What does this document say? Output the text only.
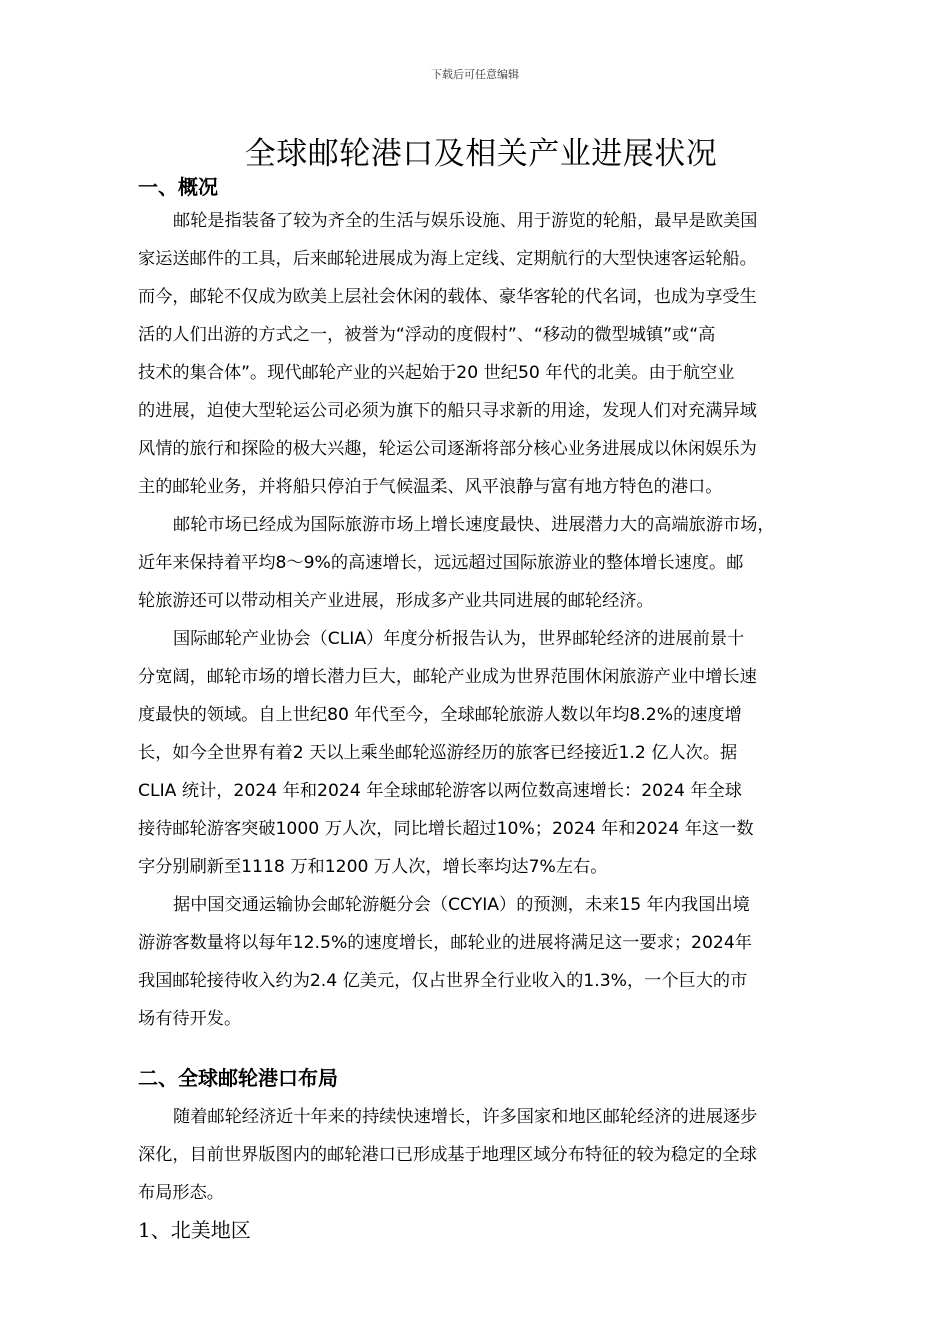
下载后可任意编辑
全球邮轮港口及相关产业进展状况
一、概况

邮轮是指装备了较为齐全的生活与娱乐设施、用于游览的轮船，最早是欧美国
家运送邮件的工具，后来邮轮进展成为海上定线、定期航行的大型快速客运轮船。
而今，邮轮不仅成为欧美上层社会休闲的载体、豪华客轮的代名词，也成为享受生
活的人们出游的方式之一，被誉为“浮动的度假村”、“移动的微型城镇”或“高
技术的集合体”。现代邮轮产业的兴起始于20 世纪50 年代的北美。由于航空业
的进展，迫使大型轮运公司必须为旗下的船只寻求新的用途，发现人们对充满异域
风情的旅行和探险的极大兴趣，轮运公司逐渐将部分核心业务进展成以休闲娱乐为
主的邮轮业务，并将船只停泊于气候温柔、风平浪静与富有地方特色的港口。

邮轮市场已经成为国际旅游市场上增长速度最快、进展潜力大的高端旅游市场，
近年来保持着平均8～9%的高速增长，远远超过国际旅游业的整体增长速度。邮
轮旅游还可以带动相关产业进展，形成多产业共同进展的邮轮经济。

国际邮轮产业协会（CLIA）年度分析报告认为，世界邮轮经济的进展前景十
分宽阔，邮轮市场的增长潜力巨大，邮轮产业成为世界范围休闲旅游产业中增长速
度最快的领域。自上世纪80 年代至今，全球邮轮旅游人数以年均8.2%的速度增
长，如今全世界有着2 天以上乘坐邮轮巡游经历的旅客已经接近1.2 亿人次。据
CLIA 统计，2024 年和2024 年全球邮轮游客以两位数高速增长：2024 年全球
接待邮轮游客突破1000 万人次，同比增长超过10%；2024 年和2024 年这一数
字分别刷新至1118 万和1200 万人次，增长率均达7%左右。

据中国交通运输协会邮轮游艇分会（CCYIA）的预测，未来15 年内我国出境
游游客数量将以每年12.5%的速度增长，邮轮业的进展将满足这一要求；2024年
我国邮轮接待收入约为2.4 亿美元，仅占世界全行业收入的1.3%，一个巨大的市
场有待开发。

二、全球邮轮港口布局

随着邮轮经济近十年来的持续快速增长，许多国家和地区邮轮经济的进展逐步
深化，目前世界版图内的邮轮港口已形成基于地理区域分布特征的较为稳定的全球
布局形态。

1、北美地区
